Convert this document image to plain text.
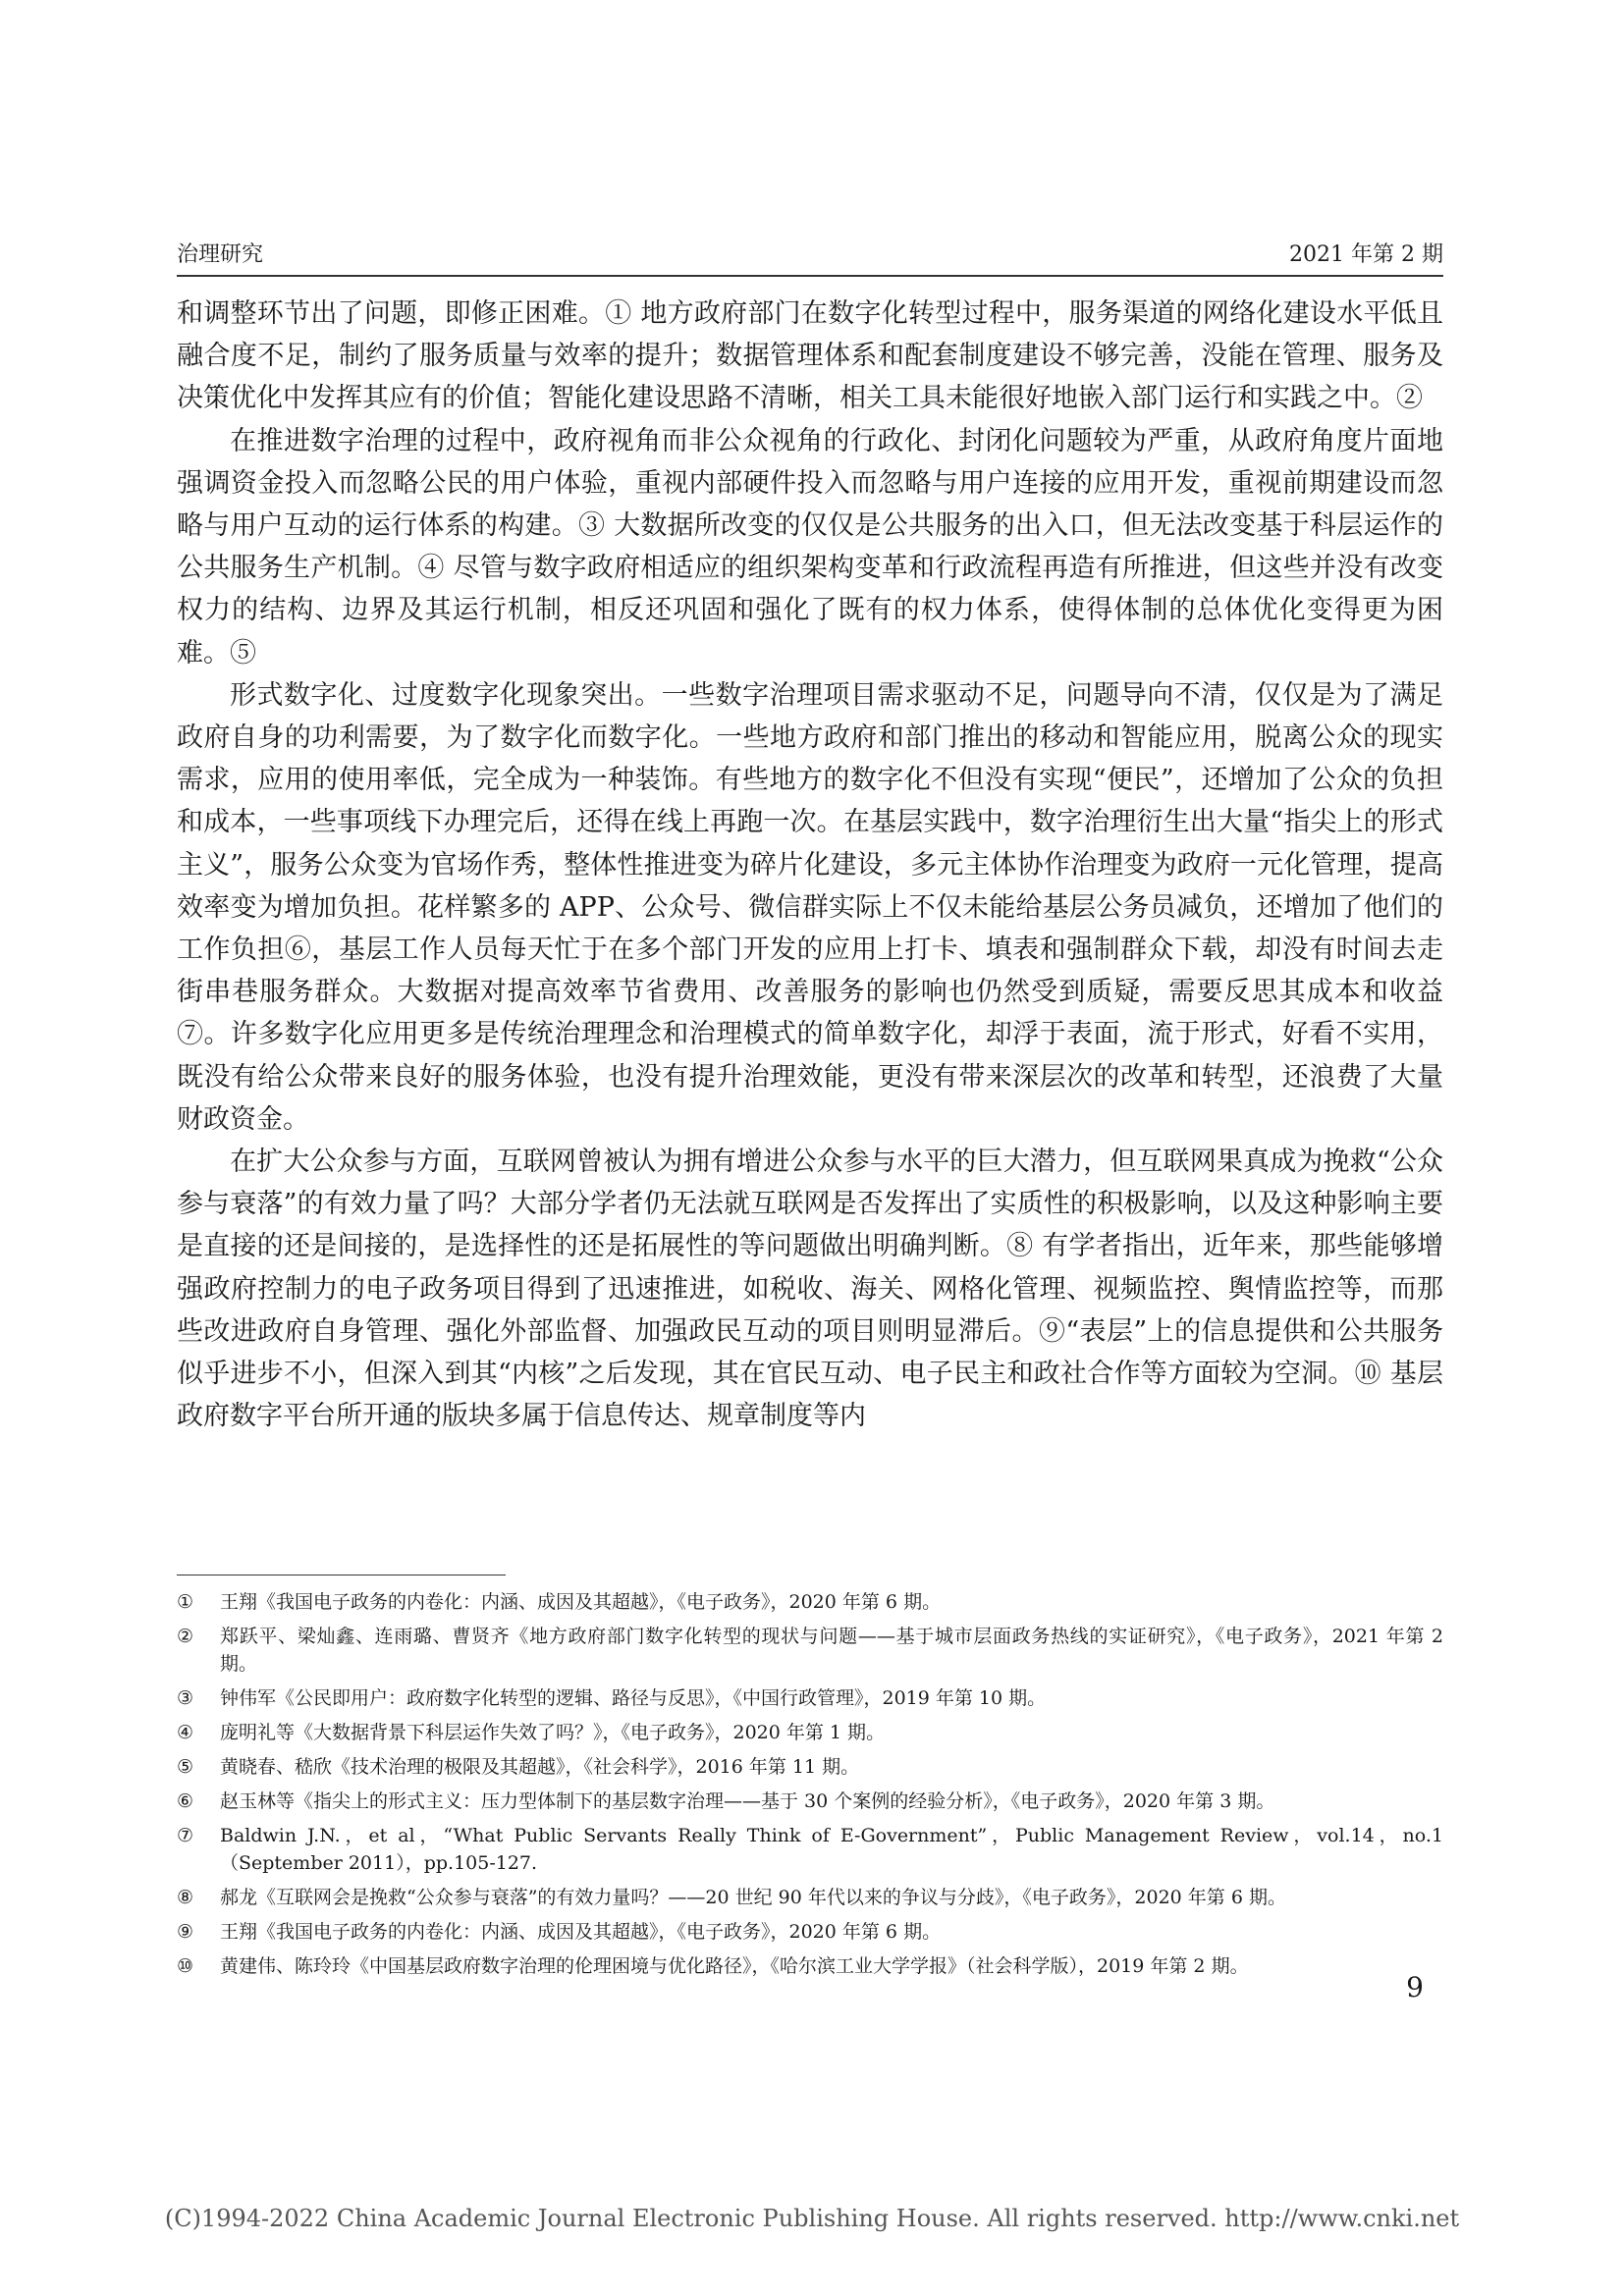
治理研究	2021 年第 2 期

和调整环节出了问题，即修正困难。① 地方政府部门在数字化转型过程中，服务渠道的网络化建设水平低且融合度不足，制约了服务质量与效率的提升；数据管理体系和配套制度建设不够完善，没能在管理、服务及决策优化中发挥其应有的价值；智能化建设思路不清晰，相关工具未能很好地嵌入部门运行和实践之中。②

在推进数字治理的过程中，政府视角而非公众视角的行政化、封闭化问题较为严重，从政府角度片面地强调资金投入而忽略公民的用户体验，重视内部硬件投入而忽略与用户连接的应用开发，重视前期建设而忽略与用户互动的运行体系的构建。③ 大数据所改变的仅仅是公共服务的出入口，但无法改变基于科层运作的公共服务生产机制。④ 尽管与数字政府相适应的组织架构变革和行政流程再造有所推进，但这些并没有改变权力的结构、边界及其运行机制，相反还巩固和强化了既有的权力体系，使得体制的总体优化变得更为困难。⑤

形式数字化、过度数字化现象突出。一些数字治理项目需求驱动不足，问题导向不清，仅仅是为了满足政府自身的功利需要，为了数字化而数字化。一些地方政府和部门推出的移动和智能应用，脱离公众的现实需求，应用的使用率低，完全成为一种装饰。有些地方的数字化不但没有实现“便民”，还增加了公众的负担和成本，一些事项线下办理完后，还得在线上再跑一次。在基层实践中，数字治理衍生出大量“指尖上的形式主义”，服务公众变为官场作秀，整体性推进变为碎片化建设，多元主体协作治理变为政府一元化管理，提高效率变为增加负担。花样繁多的 APP、公众号、微信群实际上不仅未能给基层公务员减负，还增加了他们的工作负担⑥，基层工作人员每天忙于在多个部门开发的应用上打卡、填表和强制群众下载，却没有时间去走街串巷服务群众。大数据对提高效率节省费用、改善服务的影响也仍然受到质疑，需要反思其成本和收益⑦。许多数字化应用更多是传统治理理念和治理模式的简单数字化，却浮于表面，流于形式，好看不实用，既没有给公众带来良好的服务体验，也没有提升治理效能，更没有带来深层次的改革和转型，还浪费了大量财政资金。

在扩大公众参与方面，互联网曾被认为拥有增进公众参与水平的巨大潜力，但互联网果真成为挽救“公众参与衰落”的有效力量了吗？大部分学者仍无法就互联网是否发挥出了实质性的积极影响，以及这种影响主要是直接的还是间接的，是选择性的还是拓展性的等问题做出明确判断。⑧ 有学者指出，近年来，那些能够增强政府控制力的电子政务项目得到了迅速推进，如税收、海关、网格化管理、视频监控、舆情监控等，而那些改进政府自身管理、强化外部监督、加强政民互动的项目则明显滞后。⑨“表层”上的信息提供和公共服务似乎进步不小，但深入到其“内核”之后发现，其在官民互动、电子民主和政社合作等方面较为空洞。⑩ 基层政府数字平台所开通的版块多属于信息传达、规章制度等内

①	王翔《我国电子政务的内卷化：内涵、成因及其超越》，《电子政务》，2020 年第 6 期。
②	郑跃平、梁灿鑫、连雨璐、曹贤齐《地方政府部门数字化转型的现状与问题——基于城市层面政务热线的实证研究》，《电子政务》，2021 年第 2 期。
③	钟伟军《公民即用户：政府数字化转型的逻辑、路径与反思》，《中国行政管理》，2019 年第 10 期。
④	庞明礼等《大数据背景下科层运作失效了吗？》，《电子政务》，2020 年第 1 期。
⑤	黄晓春、嵇欣《技术治理的极限及其超越》，《社会科学》，2016 年第 11 期。
⑥	赵玉林等《指尖上的形式主义：压力型体制下的基层数字治理——基于 30 个案例的经验分析》，《电子政务》，2020 年第 3 期。
⑦	Baldwin J.N.，et al，“What Public Servants Really Think of E-Government”，Public Management Review，vol.14，no.1（September 2011），pp.105-127.
⑧	郝龙《互联网会是挽救“公众参与衰落”的有效力量吗？——20 世纪 90 年代以来的争议与分歧》，《电子政务》，2020 年第 6 期。
⑨	王翔《我国电子政务的内卷化：内涵、成因及其超越》，《电子政务》，2020 年第 6 期。
⑩	黄建伟、陈玲玲《中国基层政府数字治理的伦理困境与优化路径》，《哈尔滨工业大学学报》（社会科学版），2019 年第 2 期。
9
(C)1994-2022 China Academic Journal Electronic Publishing House. All rights reserved. http://www.cnki.net
